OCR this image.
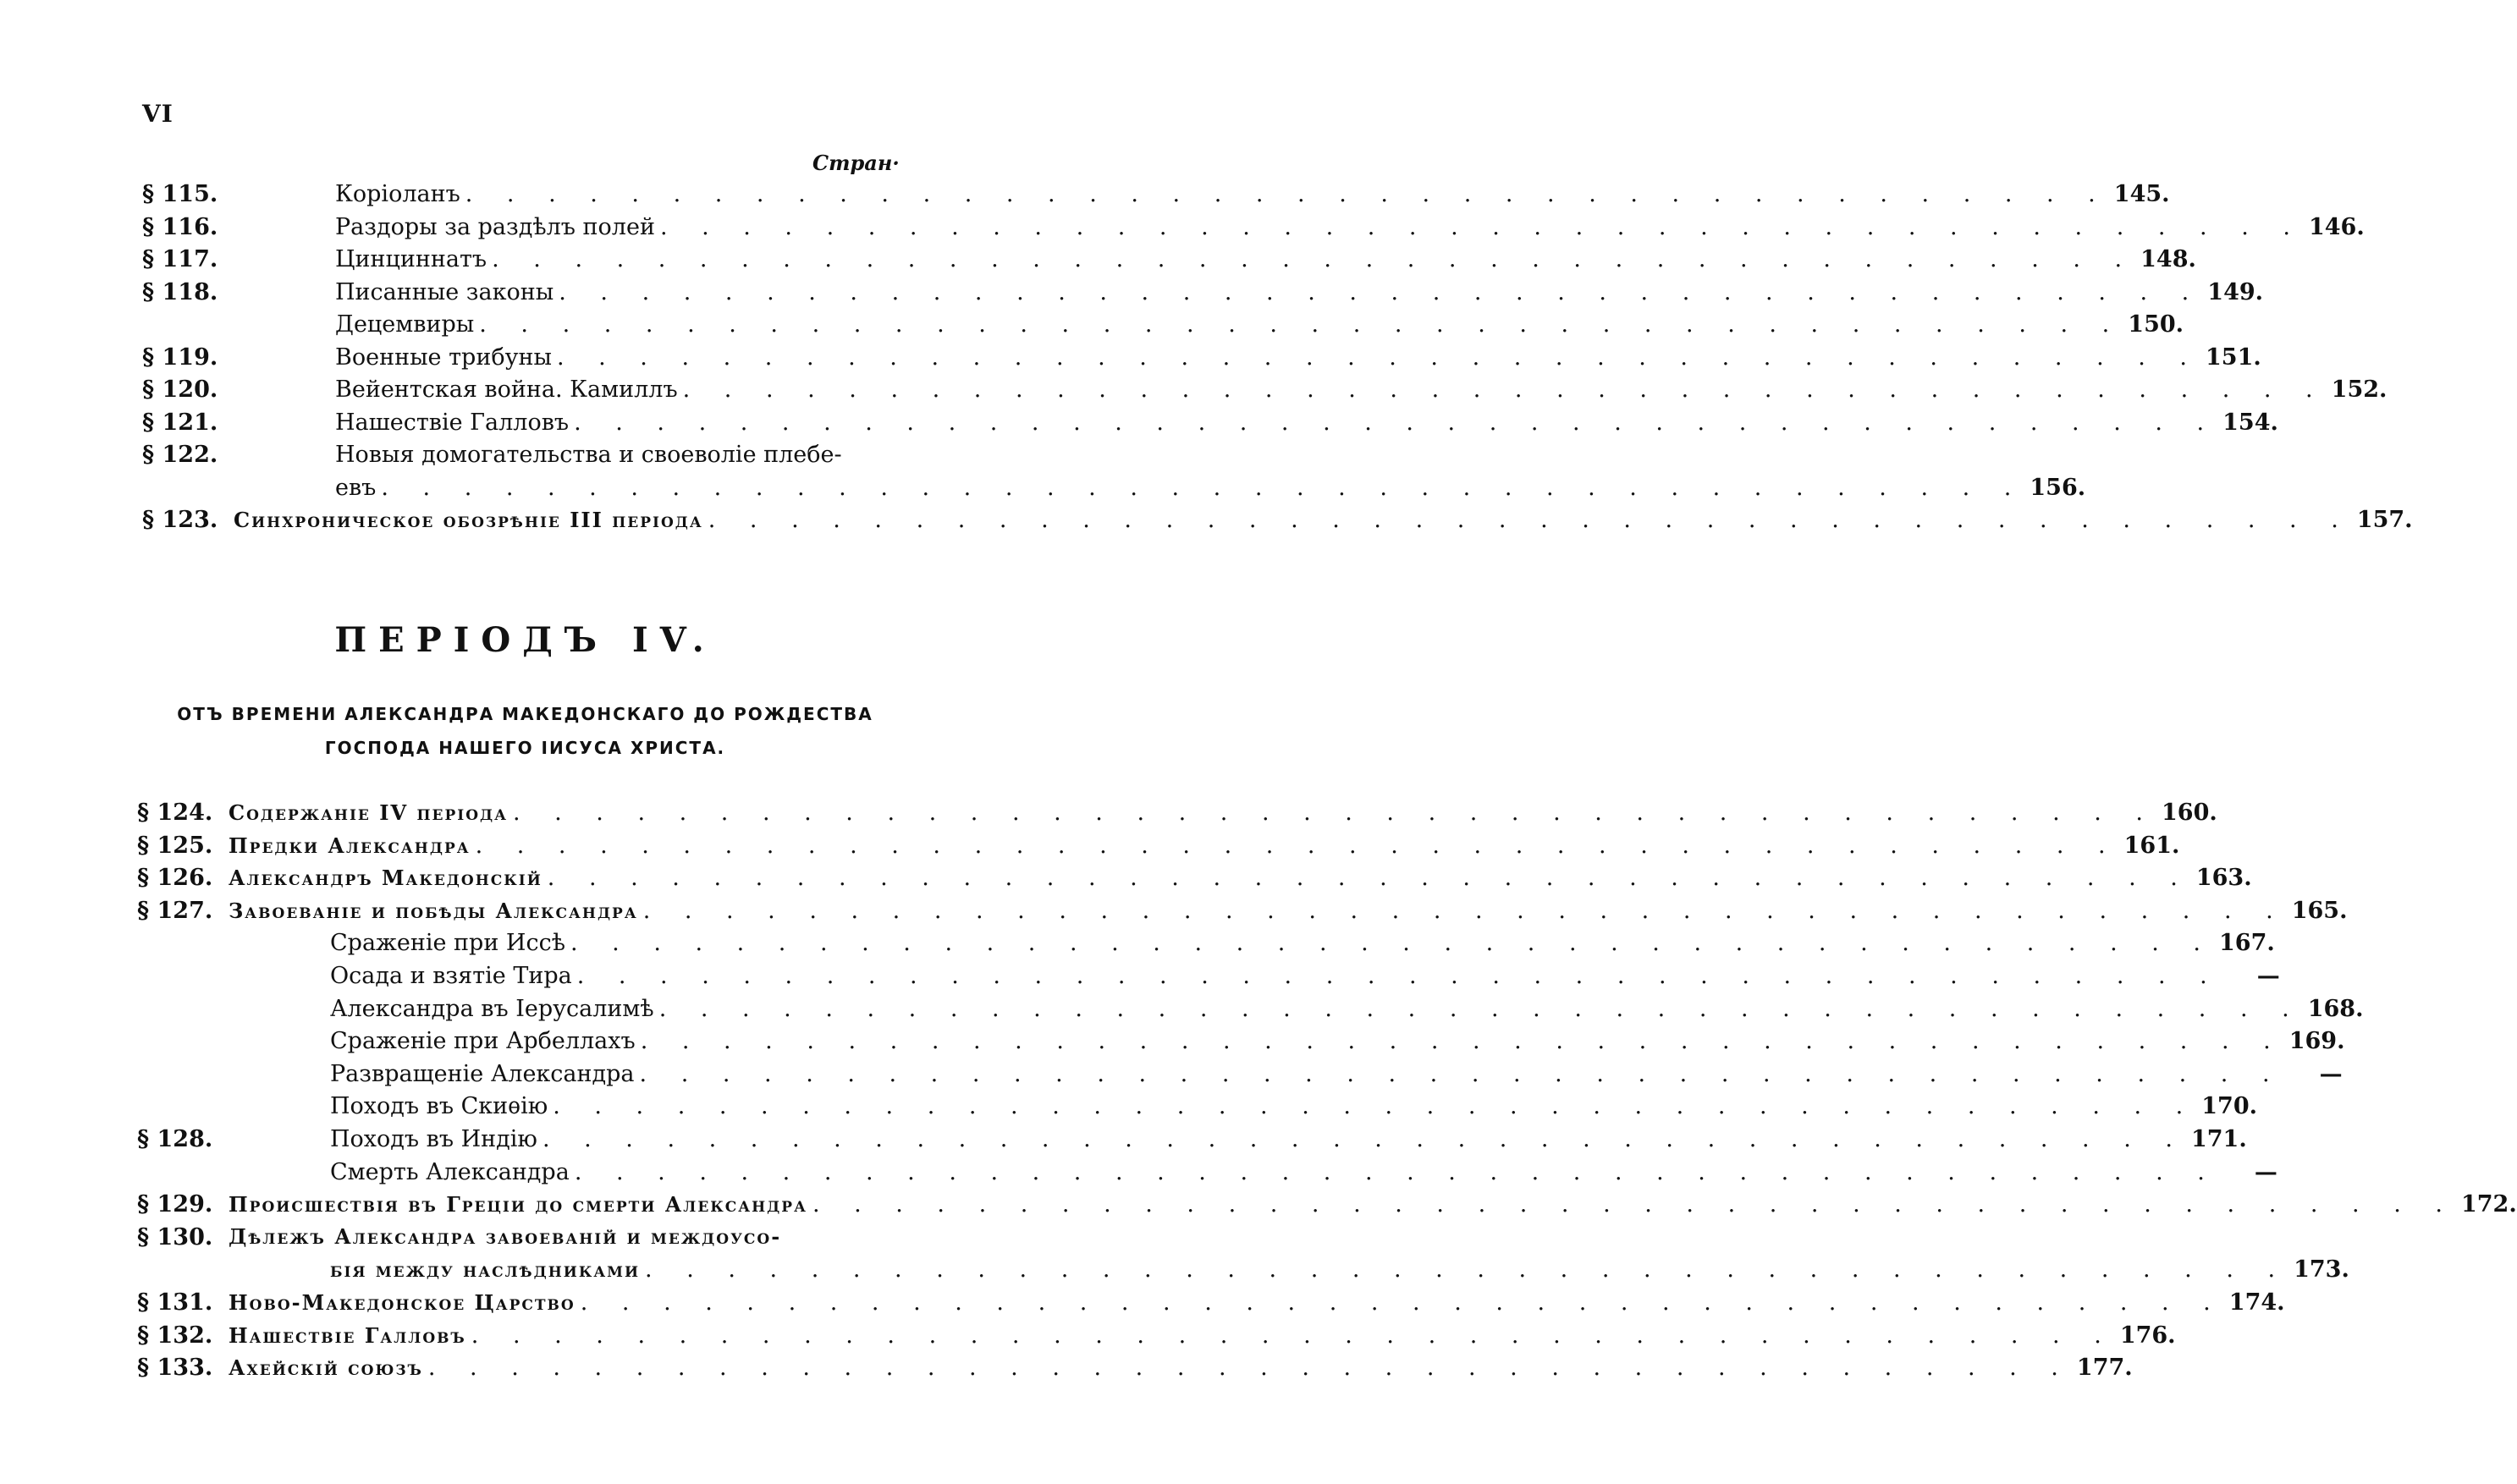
VI
Стран·
§ 115.	Коріоланъ . . . . . . . . . . . . . . . . . . . . . . . . . . . . . . . . . . . . . . . . 145.
§ 116.	Раздоры за раздѣлъ полей . . . . . . . . . . . . . . . . . . . . . . . . . . . . . . . . . . . . . . . . 146.
§ 117.	Цинциннатъ . . . . . . . . . . . . . . . . . . . . . . . . . . . . . . . . . . . . . . . . 148.
§ 118.	Писанные законы . . . . . . . . . . . . . . . . . . . . . . . . . . . . . . . . . . . . . . . . 149.
Децемвиры . . . . . . . . . . . . . . . . . . . . . . . . . . . . . . . . . . . . . . . . 150.
§ 119.	Военные трибуны . . . . . . . . . . . . . . . . . . . . . . . . . . . . . . . . . . . . . . . . 151.
§ 120.	Вейентская война. Камиллъ . . . . . . . . . . . . . . . . . . . . . . . . . . . . . . . . . . . . . . . . 152.
§ 121.	Нашествіе Галловъ . . . . . . . . . . . . . . . . . . . . . . . . . . . . . . . . . . . . . . . . 154.
§ 122.	Новыя домогательства и своеволіе плебе-
евъ . . . . . . . . . . . . . . . . . . . . . . . . . . . . . . . . . . . . . . . . 156.
§ 123. Синхроническое обозрѣніе III періода . . . . . . . . . . . . . . . . . . . . . . . . . . . . . . . . . . . . . . . . 157.
ПЕРІОДЪ IV.
ОТЪ ВРЕМЕНИ АЛЕКСАНДРА МАКЕДОНСКАГО ДО РОЖДЕСТВА
ГОСПОДА НАШЕГО ІИСУСА ХРИСТА.
§ 124. Содержаніе IV періода . . . . . . . . . . . . . . . . . . . . . . . . . . . . . . . . . . . . . . . . 160.
§ 125. Предки Александра . . . . . . . . . . . . . . . . . . . . . . . . . . . . . . . . . . . . . . . . 161.
§ 126. Александръ Македонскій . . . . . . . . . . . . . . . . . . . . . . . . . . . . . . . . . . . . . . . . 163.
§ 127. Завоеваніе и побѣды Александра . . . . . . . . . . . . . . . . . . . . . . . . . . . . . . . . . . . . . . . . 165.
Сраженіе при Иссѣ . . . . . . . . . . . . . . . . . . . . . . . . . . . . . . . . . . . . . . . . 167.
Осада и взятіе Тира . . . . . . . . . . . . . . . . . . . . . . . . . . . . . . . . . . . . . . . .	—
Александра въ Іерусалимѣ . . . . . . . . . . . . . . . . . . . . . . . . . . . . . . . . . . . . . . . . 168.
Сраженіе при Арбеллахъ . . . . . . . . . . . . . . . . . . . . . . . . . . . . . . . . . . . . . . . . 169.
Развращеніе Александра . . . . . . . . . . . . . . . . . . . . . . . . . . . . . . . . . . . . . . . .	—
Походъ въ Скиѳію . . . . . . . . . . . . . . . . . . . . . . . . . . . . . . . . . . . . . . . . 170.
§ 128.	Походъ въ Индію . . . . . . . . . . . . . . . . . . . . . . . . . . . . . . . . . . . . . . . . 171.
Смерть Александра . . . . . . . . . . . . . . . . . . . . . . . . . . . . . . . . . . . . . . . .	—
§ 129. Происшествія въ Греціи до смерти Александра . . . . . . . . . . . . . . . . . . . . . . . . . . . . . . . . . . . . . . . . 172.
§ 130. Дѣлежъ Александра завоеваній и междоусо-
бія между наслѣдниками . . . . . . . . . . . . . . . . . . . . . . . . . . . . . . . . . . . . . . . . 173.
§ 131. Ново-Македонское Царство . . . . . . . . . . . . . . . . . . . . . . . . . . . . . . . . . . . . . . . . 174.
§ 132. Нашествіе Галловъ . . . . . . . . . . . . . . . . . . . . . . . . . . . . . . . . . . . . . . . . 176.
§ 133. Ахейскій союзъ . . . . . . . . . . . . . . . . . . . . . . . . . . . . . . . . . . . . . . . . 177.
